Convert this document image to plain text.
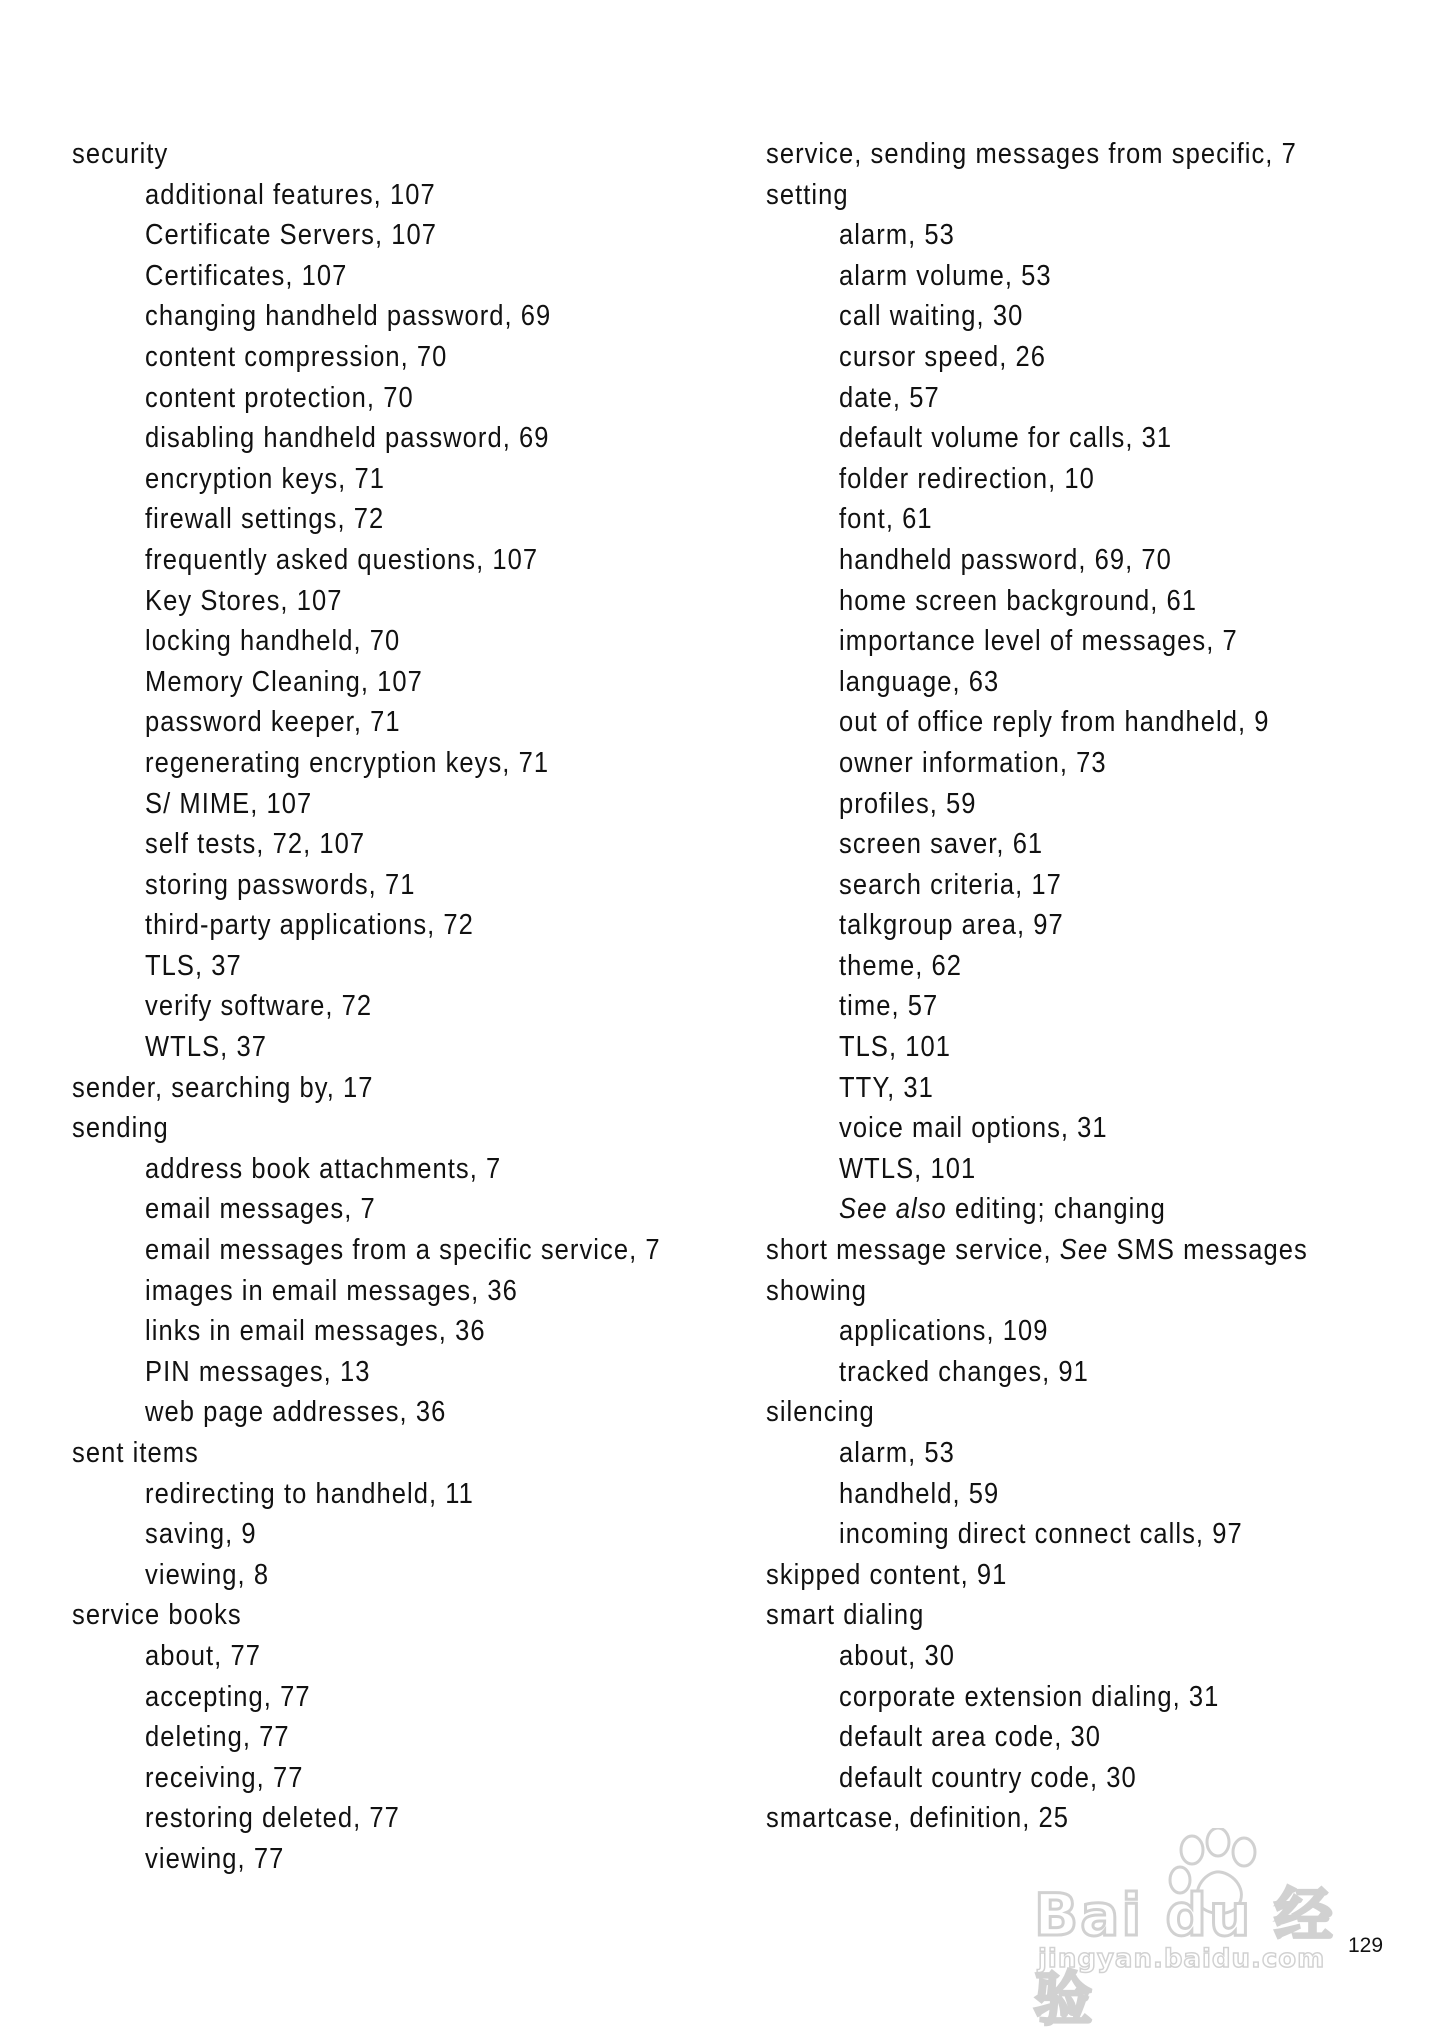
security
additional features, 107
Certificate Servers, 107
Certificates, 107
changing handheld password, 69
content compression, 70
content protection, 70
disabling handheld password, 69
encryption keys, 71
firewall settings, 72
frequently asked questions, 107
Key Stores, 107
locking handheld, 70
Memory Cleaning, 107
password keeper, 71
regenerating encryption keys, 71
S/ MIME, 107
self tests, 72, 107
storing passwords, 71
third-party applications, 72
TLS, 37
verify software, 72
WTLS, 37
sender, searching by, 17
sending
address book attachments, 7
email messages, 7
email messages from a specific service, 7
images in email messages, 36
links in email messages, 36
PIN messages, 13
web page addresses, 36
sent items
redirecting to handheld, 11
saving, 9
viewing, 8
service books
about, 77
accepting, 77
deleting, 77
receiving, 77
restoring deleted, 77
viewing, 77
service, sending messages from specific, 7
setting
alarm, 53
alarm volume, 53
call waiting, 30
cursor speed, 26
date, 57
default volume for calls, 31
folder redirection, 10
font, 61
handheld password, 69, 70
home screen background, 61
importance level of messages, 7
language, 63
out of office reply from handheld, 9
owner information, 73
profiles, 59
screen saver, 61
search criteria, 17
talkgroup area, 97
theme, 62
time, 57
TLS, 101
TTY, 31
voice mail options, 31
WTLS, 101
See also editing; changing
short message service, See SMS messages
showing
applications, 109
tracked changes, 91
silencing
alarm, 53
handheld, 59
incoming direct connect calls, 97
skipped content, 91
smart dialing
about, 30
corporate extension dialing, 31
default area code, 30
default country code, 30
smartcase, definition, 25
129
Bai du 经验
jingyan.baidu.com
